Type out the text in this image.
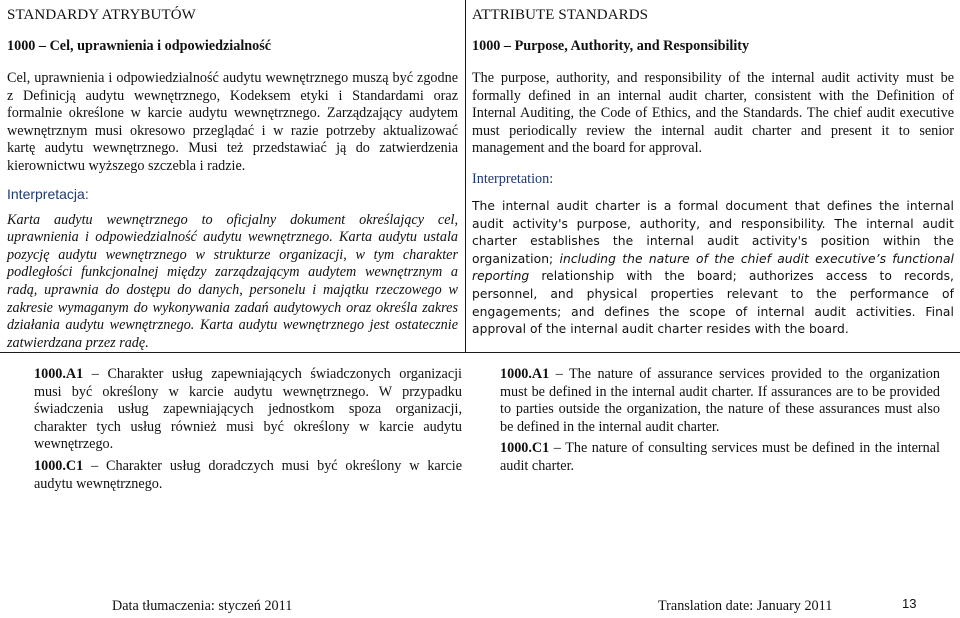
STANDARDY ATRYBUTÓW
1000 – Cel, uprawnienia i odpowiedzialność

Cel, uprawnienia i odpowiedzialność audytu wewnętrznego muszą być zgodne z Definicją audytu wewnętrznego, Kodeksem etyki i Standardami oraz formalnie określone w karcie audytu wewnętrznego. Zarządzający audytem wewnętrznym musi okresowo przeglądać i w razie potrzeby aktualizować kartę audytu wewnętrznego. Musi też przedstawiać ją do zatwierdzenia kierownictwu wyższego szczebla i radzie.

Interpretacja:

Karta audytu wewnętrznego to oficjalny dokument określający cel, uprawnienia i odpowiedzialność audytu wewnętrznego. Karta audytu ustala pozycję audytu wewnętrznego w strukturze organizacji, w tym charakter podległości funkcjonalnej między zarządzającym audytem wewnętrznym a radą, uprawnia do dostępu do danych, personelu i majątku rzeczowego w zakresie wymaganym do wykonywania zadań audytowych oraz określa zakres działania audytu wewnętrznego. Karta audytu wewnętrznego jest ostatecznie zatwierdzana przez radę.

ATTRIBUTE STANDARDS
1000 – Purpose, Authority, and Responsibility

The purpose, authority, and responsibility of the internal audit activity must be formally defined in an internal audit charter, consistent with the Definition of Internal Auditing, the Code of Ethics, and the Standards. The chief audit executive must periodically review the internal audit charter and present it to senior management and the board for approval.

Interpretation:

The internal audit charter is a formal document that defines the internal audit activity's purpose, authority, and responsibility. The internal audit charter establishes the internal audit activity's position within the organization; including the nature of the chief audit executive’s functional reporting relationship with the board; authorizes access to records, personnel, and physical properties relevant to the performance of engagements; and defines the scope of internal audit activities. Final approval of the internal audit charter resides with the board.

1000.A1 – Charakter usług zapewniających świadczonych organizacji musi być określony w karcie audytu wewnętrznego. W przypadku świadczenia usług zapewniających jednostkom spoza organizacji, charakter tych usług również musi być określony w karcie audytu wewnętrzego.

1000.C1 – Charakter usług doradczych musi być określony w karcie audytu wewnętrznego.

1000.A1 – The nature of assurance services provided to the organization must be defined in the internal audit charter. If assurances are to be provided to parties outside the organization, the nature of these assurances must also be defined in the internal audit charter.

1000.C1 – The nature of consulting services must be defined in the internal audit charter.

Data tłumaczenia: styczeń 2011	Translation date: January 2011	13
